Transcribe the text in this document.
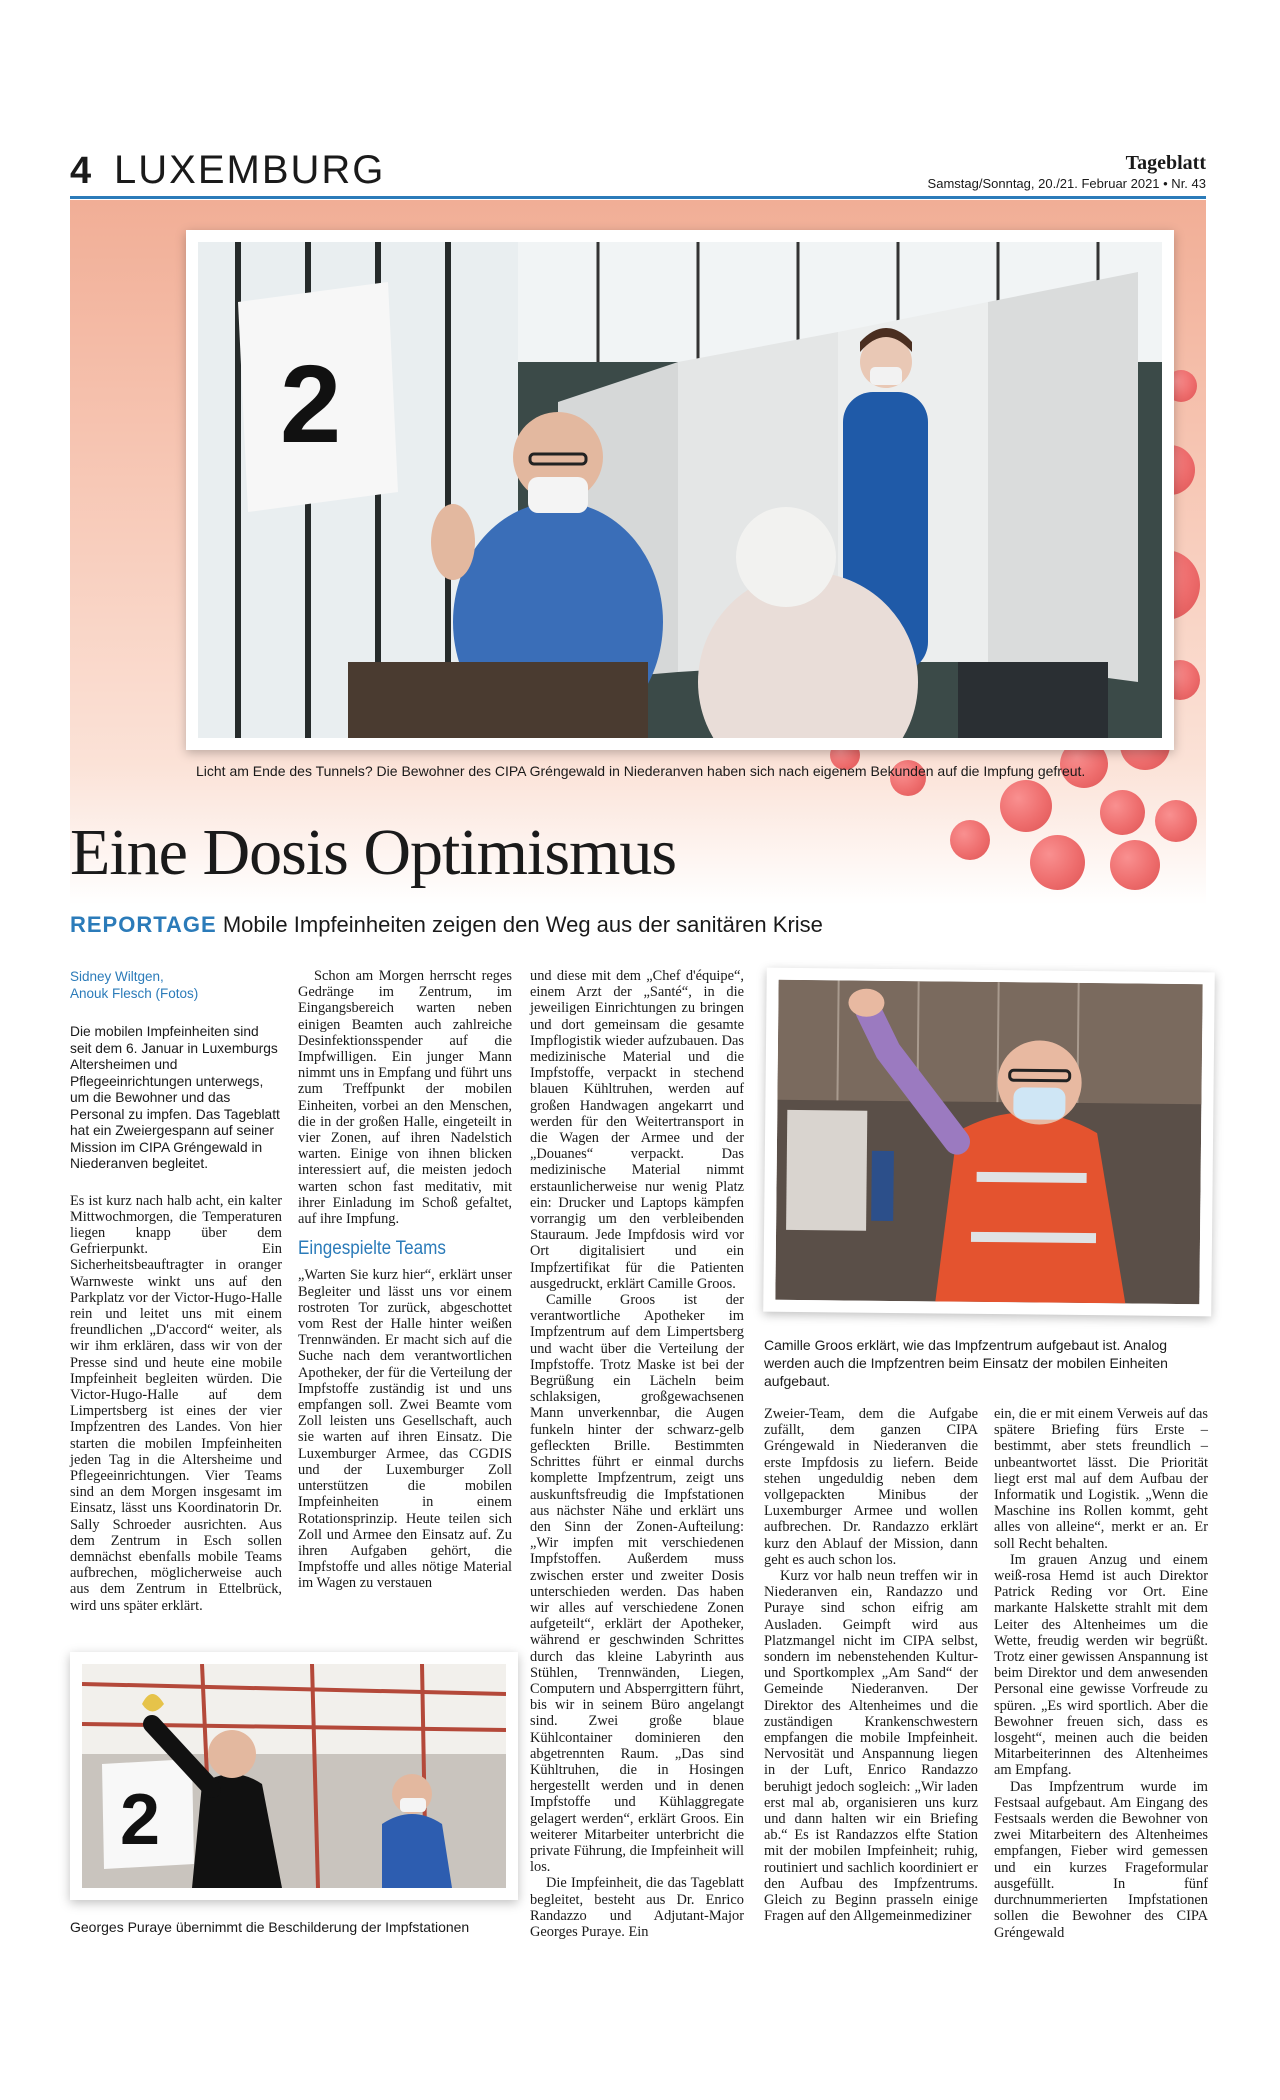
4 LUXEMBURG	Tageblatt
Samstag/Sonntag, 20./21. Februar 2021 • Nr. 43
2
Licht am Ende des Tunnels? Die Bewohner des CIPA Gréngewald in Niederanven haben sich nach eigenem Bekunden auf die Impfung gefreut.
Eine Dosis Optimismus
REPORTAGE Mobile Impfeinheiten zeigen den Weg aus der sanitären Krise
Sidney Wiltgen,
Anouk Flesch (Fotos)
Die mobilen Impfeinheiten sind seit dem 6. Januar in Luxemburgs Altersheimen und Pflegeeinrichtungen unterwegs, um die Bewohner und das Personal zu impfen. Das Tageblatt hat ein Zweiergespann auf seiner Mission im CIPA Gréngewald in Niederanven begleitet.

Es ist kurz nach halb acht, ein kalter Mittwochmorgen, die Temperaturen liegen knapp über dem Gefrierpunkt. Ein Sicherheitsbeauftragter in oranger Warnweste winkt uns auf den Parkplatz vor der Victor-Hugo-Halle rein und leitet uns mit einem freundlichen „D'accord“ weiter, als wir ihm erklären, dass wir von der Presse sind und heute eine mobile Impfeinheit begleiten würden. Die Victor-Hugo-Halle auf dem Limpertsberg ist eines der vier Impfzentren des Landes. Von hier starten die mobilen Impfeinheiten jeden Tag in die Altersheime und Pflegeeinrichtungen. Vier Teams sind an dem Morgen insgesamt im Einsatz, lässt uns Koordinatorin Dr. Sally Schroeder ausrichten. Aus dem Zentrum in Esch sollen demnächst ebenfalls mobile Teams aufbrechen, möglicherweise auch aus dem Zentrum in Ettelbrück, wird uns später erklärt.

Schon am Morgen herrscht reges Gedränge im Zentrum, im Eingangsbereich warten neben einigen Beamten auch zahlreiche Desinfektionsspender auf die Impfwilligen. Ein junger Mann nimmt uns in Empfang und führt uns zum Treffpunkt der mobilen Einheiten, vorbei an den Menschen, die in der großen Halle, eingeteilt in vier Zonen, auf ihren Nadelstich warten. Einige von ihnen blicken interessiert auf, die meisten jedoch warten schon fast meditativ, mit ihrer Einladung im Schoß gefaltet, auf ihre Impfung.

Eingespielte Teams

„Warten Sie kurz hier“, erklärt unser Begleiter und lässt uns vor einem rostroten Tor zurück, abgeschottet vom Rest der Halle hinter weißen Trennwänden. Er macht sich auf die Suche nach dem verantwortlichen Apotheker, der für die Verteilung der Impfstoffe zuständig ist und uns empfangen soll. Zwei Beamte vom Zoll leisten uns Gesellschaft, auch sie warten auf ihren Einsatz. Die Luxemburger Armee, das CGDIS und der Luxemburger Zoll unterstützen die mobilen Impfeinheiten in einem Rotationsprinzip. Heute teilen sich Zoll und Armee den Einsatz auf. Zu ihren Aufgaben gehört, die Impfstoffe und alles nötige Material im Wagen zu verstauen

und diese mit dem „Chef d'équipe“, einem Arzt der „Santé“, in die jeweiligen Einrichtungen zu bringen und dort gemeinsam die gesamte Impflogistik wieder aufzubauen. Das medizinische Material und die Impfstoffe, verpackt in stechend blauen Kühltruhen, werden auf großen Handwagen angekarrt und werden für den Weitertransport in die Wagen der Armee und der „Douanes“ verpackt. Das medizinische Material nimmt erstaunlicherweise nur wenig Platz ein: Drucker und Laptops kämpfen vorrangig um den verbleibenden Stauraum. Jede Impfdosis wird vor Ort digitalisiert und ein Impfzertifikat für die Patienten ausgedruckt, erklärt Camille Groos.

Camille Groos ist der verantwortliche Apotheker im Impfzentrum auf dem Limpertsberg und wacht über die Verteilung der Impfstoffe. Trotz Maske ist bei der Begrüßung ein Lächeln beim schlaksigen, großgewachsenen Mann unverkennbar, die Augen funkeln hinter der schwarz-gelb gefleckten Brille. Bestimmten Schrittes führt er einmal durchs komplette Impfzentrum, zeigt uns auskunftsfreudig die Impfstationen aus nächster Nähe und erklärt uns den Sinn der Zonen-Aufteilung: „Wir impfen mit verschiedenen Impfstoffen. Außerdem muss zwischen erster und zweiter Dosis unterschieden werden. Das haben wir alles auf verschiedene Zonen aufgeteilt“, erklärt der Apotheker, während er geschwinden Schrittes durch das kleine Labyrinth aus Stühlen, Trennwänden, Liegen, Computern und Absperrgittern führt, bis wir in seinem Büro angelangt sind. Zwei große blaue Kühlcontainer dominieren den abgetrennten Raum. „Das sind Kühltruhen, die in Hosingen hergestellt werden und in denen Impfstoffe und Kühlaggregate gelagert werden“, erklärt Groos. Ein weiterer Mitarbeiter unterbricht die private Führung, die Impfeinheit will los.

Die Impfeinheit, die das Tageblatt begleitet, besteht aus Dr. Enrico Randazzo und Adjutant-Major Georges Puraye. Ein

Camille Groos erklärt, wie das Impfzentrum aufgebaut ist. Analog werden auch die Impfzentren beim Einsatz der mobilen Einheiten aufgebaut.

Zweier-Team, dem die Aufgabe zufällt, dem ganzen CIPA Gréngewald in Niederanven die erste Impfdosis zu liefern. Beide stehen ungeduldig neben dem vollgepackten Minibus der Luxemburger Armee und wollen aufbrechen. Dr. Randazzo erklärt kurz den Ablauf der Mission, dann geht es auch schon los.

Kurz vor halb neun treffen wir in Niederanven ein, Randazzo und Puraye sind schon eifrig am Ausladen. Geimpft wird aus Platzmangel nicht im CIPA selbst, sondern im nebenstehenden Kultur- und Sportkomplex „Am Sand“ der Gemeinde Niederanven. Der Direktor des Altenheimes und die zuständigen Krankenschwestern empfangen die mobile Impfeinheit. Nervosität und Anspannung liegen in der Luft, Enrico Randazzo beruhigt jedoch sogleich: „Wir laden erst mal ab, organisieren uns kurz und dann halten wir ein Briefing ab.“ Es ist Randazzos elfte Station mit der mobilen Impfeinheit; ruhig, routiniert und sachlich koordiniert er den Aufbau des Impfzentrums. Gleich zu Beginn prasseln einige Fragen auf den Allgemeinmediziner

ein, die er mit einem Verweis auf das spätere Briefing fürs Erste – bestimmt, aber stets freundlich – unbeantwortet lässt. Die Priorität liegt erst mal auf dem Aufbau der Informatik und Logistik. „Wenn die Maschine ins Rollen kommt, geht alles von alleine“, merkt er an. Er soll Recht behalten.

Im grauen Anzug und einem weiß-rosa Hemd ist auch Direktor Patrick Reding vor Ort. Eine markante Halskette strahlt mit dem Leiter des Altenheimes um die Wette, freudig werden wir begrüßt. Trotz einer gewissen Anspannung ist beim Direktor und dem anwesenden Personal eine gewisse Vorfreude zu spüren. „Es wird sportlich. Aber die Bewohner freuen sich, dass es losgeht“, meinen auch die beiden Mitarbeiterinnen des Altenheimes am Empfang.

Das Impfzentrum wurde im Festsaal aufgebaut. Am Eingang des Festsaals werden die Bewohner von zwei Mitarbeitern des Altenheimes empfangen, Fieber wird gemessen und ein kurzes Frageformular ausgefüllt. In fünf durchnummerierten Impfstationen sollen die Bewohner des CIPA Gréngewald

2
Georges Puraye übernimmt die Beschilderung der Impfstationen
